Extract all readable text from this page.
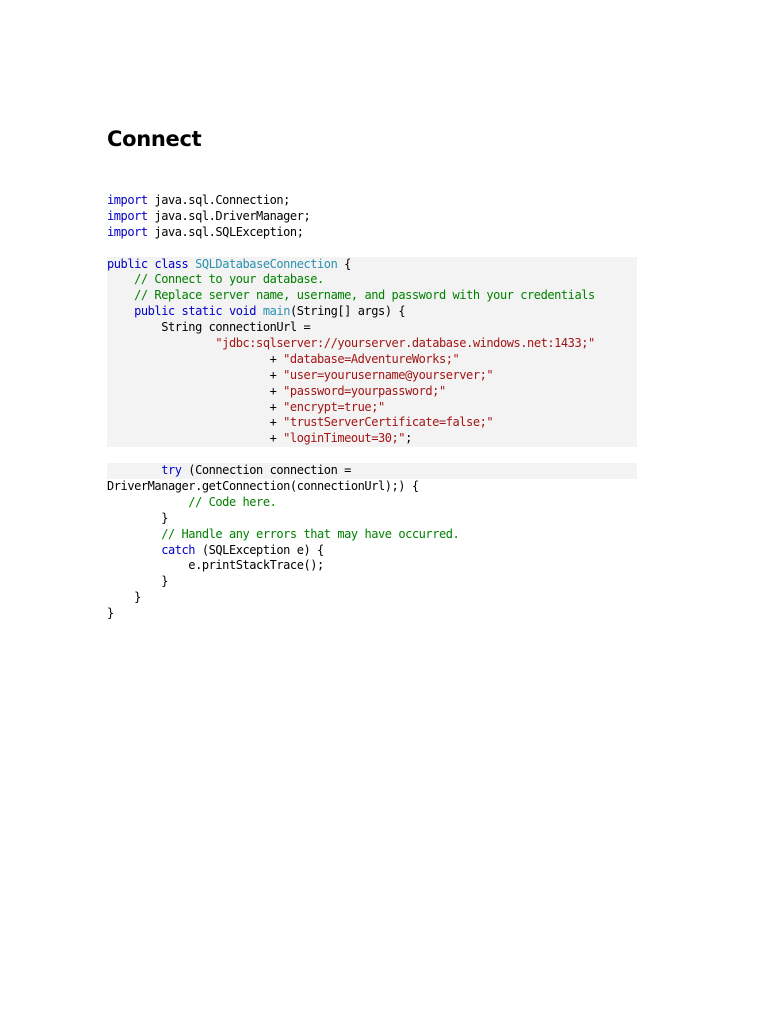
Connect
import java.sql.Connection;
import java.sql.DriverManager;
import java.sql.SQLException;

public class SQLDatabaseConnection {
// Connect to your database.
// Replace server name, username, and password with your credentials
public static void main(String[] args) {
String connectionUrl =
"jdbc:sqlserver://yourserver.database.windows.net:1433;"
+ "database=AdventureWorks;"
+ "user=yourusername@yourserver;"
+ "password=yourpassword;"
+ "encrypt=true;"
+ "trustServerCertificate=false;"
+ "loginTimeout=30;";

try (Connection connection =
DriverManager.getConnection(connectionUrl);) {
// Code here.
}
// Handle any errors that may have occurred.
catch (SQLException e) {
e.printStackTrace();
}
}
}
